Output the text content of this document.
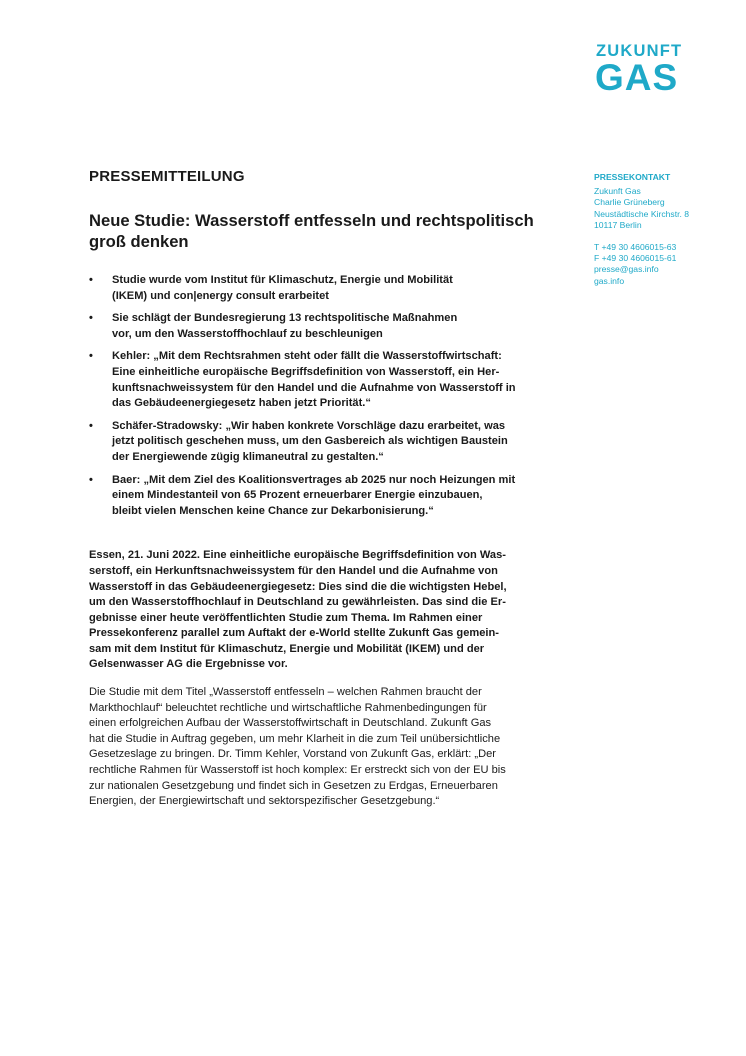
ZUKUNFT
GAS
PRESSEKONTAKT
Zukunft Gas
Charlie Grüneberg
Neustädtische Kirchstr. 8
10117 Berlin
T +49 30 4606015-63
F +49 30 4606015-61
presse@gas.info
gas.info
PRESSEMITTEILUNG
Neue Studie: Wasserstoff entfesseln und rechtspolitisch
groß denken
• Studie wurde vom Institut für Klimaschutz, Energie und Mobilität
(IKEM) und con|energy consult erarbeitet
• Sie schlägt der Bundesregierung 13 rechtspolitische Maßnahmen
vor, um den Wasserstoffhochlauf zu beschleunigen
• Kehler: „Mit dem Rechtsrahmen steht oder fällt die Wasserstoffwirtschaft:
Eine einheitliche europäische Begriffsdefinition von Wasserstoff, ein Her-
kunftsnachweissystem für den Handel und die Aufnahme von Wasserstoff in
das Gebäudeenergiegesetz haben jetzt Priorität.“
• Schäfer-Stradowsky: „Wir haben konkrete Vorschläge dazu erarbeitet, was
jetzt politisch geschehen muss, um den Gasbereich als wichtigen Baustein
der Energiewende zügig klimaneutral zu gestalten.“
• Baer: „Mit dem Ziel des Koalitionsvertrages ab 2025 nur noch Heizungen mit
einem Mindestanteil von 65 Prozent erneuerbarer Energie einzubauen,
bleibt vielen Menschen keine Chance zur Dekarbonisierung.“

Essen, 21. Juni 2022. Eine einheitliche europäische Begriffsdefinition von Was-
serstoff, ein Herkunftsnachweissystem für den Handel und die Aufnahme von
Wasserstoff in das Gebäudeenergiegesetz: Dies sind die die wichtigsten Hebel,
um den Wasserstoffhochlauf in Deutschland zu gewährleisten. Das sind die Er-
gebnisse einer heute veröffentlichten Studie zum Thema. Im Rahmen einer
Pressekonferenz parallel zum Auftakt der e-World stellte Zukunft Gas gemein-
sam mit dem Institut für Klimaschutz, Energie und Mobilität (IKEM) und der
Gelsenwasser AG die Ergebnisse vor.

Die Studie mit dem Titel „Wasserstoff entfesseln – welchen Rahmen braucht der
Markthochlauf“ beleuchtet rechtliche und wirtschaftliche Rahmenbedingungen für
einen erfolgreichen Aufbau der Wasserstoffwirtschaft in Deutschland. Zukunft Gas
hat die Studie in Auftrag gegeben, um mehr Klarheit in die zum Teil unübersichtliche
Gesetzeslage zu bringen. Dr. Timm Kehler, Vorstand von Zukunft Gas, erklärt: „Der
rechtliche Rahmen für Wasserstoff ist hoch komplex: Er erstreckt sich von der EU bis
zur nationalen Gesetzgebung und findet sich in Gesetzen zu Erdgas, Erneuerbaren
Energien, der Energiewirtschaft und sektorspezifischer Gesetzgebung.“
